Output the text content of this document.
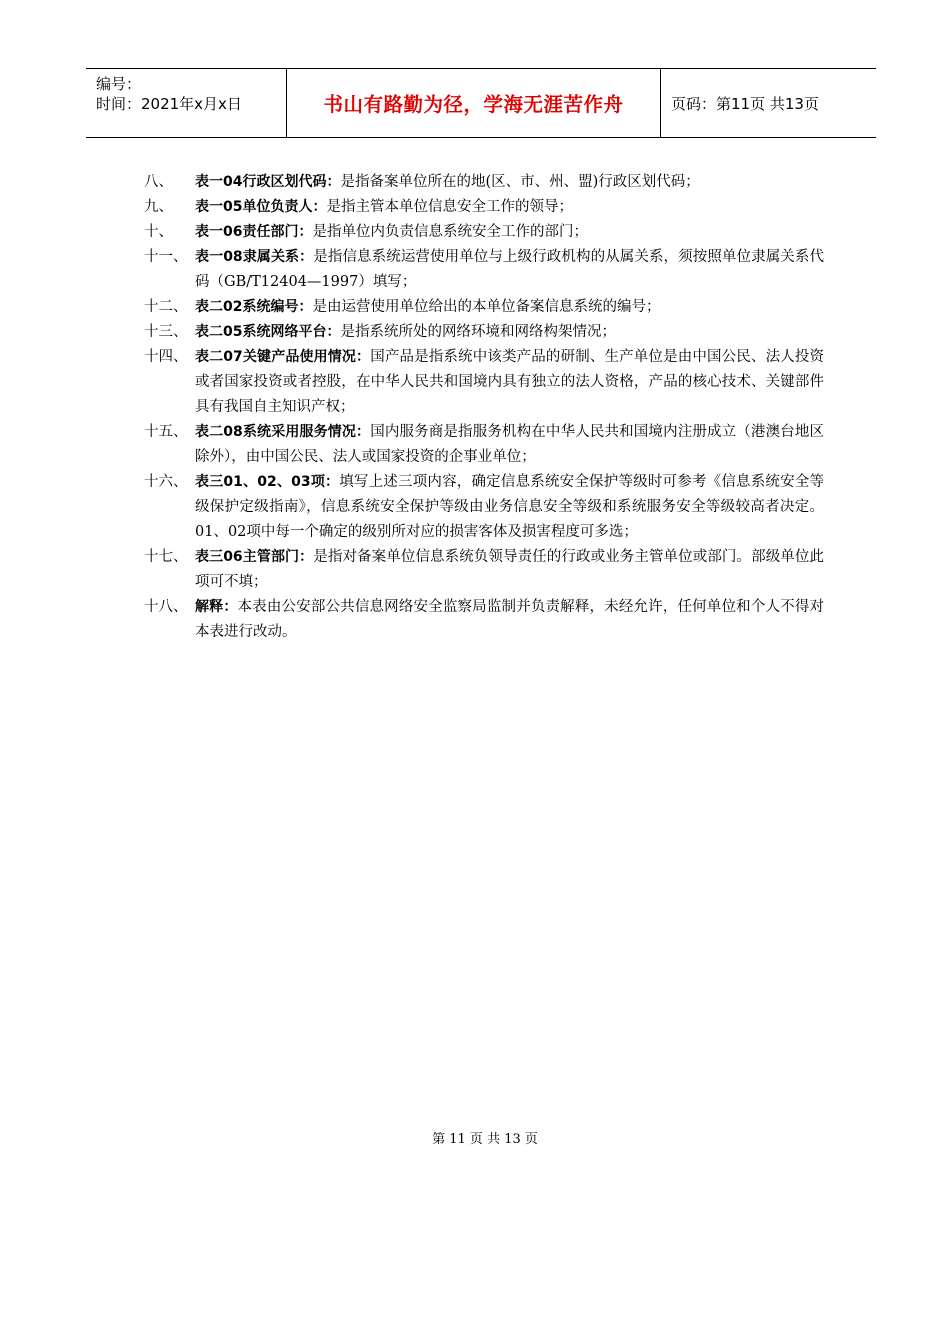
编号：
时间：2021年x月x日	书山有路勤为径，学海无涯苦作舟	页码：第11页 共13页
八、	表一04行政区划代码：是指备案单位所在的地(区、市、州、盟)行政区划代码；
九、	表一05单位负责人：是指主管本单位信息安全工作的领导；
十、	表一06责任部门：是指单位内负责信息系统安全工作的部门；
十一、 表一08隶属关系：是指信息系统运营使用单位与上级行政机构的从属关系，须按照单位隶属关系代码（GB/T12404—1997）填写；
十二、 表二02系统编号：是由运营使用单位给出的本单位备案信息系统的编号；
十三、 表二05系统网络平台：是指系统所处的网络环境和网络构架情况；
十四、 表二07关键产品使用情况：国产品是指系统中该类产品的研制、生产单位是由中国公民、法人投资或者国家投资或者控股，在中华人民共和国境内具有独立的法人资格，产品的核心技术、关键部件具有我国自主知识产权；
十五、 表二08系统采用服务情况：国内服务商是指服务机构在中华人民共和国境内注册成立（港澳台地区除外），由中国公民、法人或国家投资的企事业单位；
十六、 表三01、02、03项：填写上述三项内容，确定信息系统安全保护等级时可参考《信息系统安全等级保护定级指南》，信息系统安全保护等级由业务信息安全等级和系统服务安全等级较高者决定。01、02项中每一个确定的级别所对应的损害客体及损害程度可多选；
十七、 表三06主管部门：是指对备案单位信息系统负领导责任的行政或业务主管单位或部门。部级单位此项可不填；
十八、 解释：本表由公安部公共信息网络安全监察局监制并负责解释，未经允许，任何单位和个人不得对本表进行改动。
第 11 页 共 13 页
